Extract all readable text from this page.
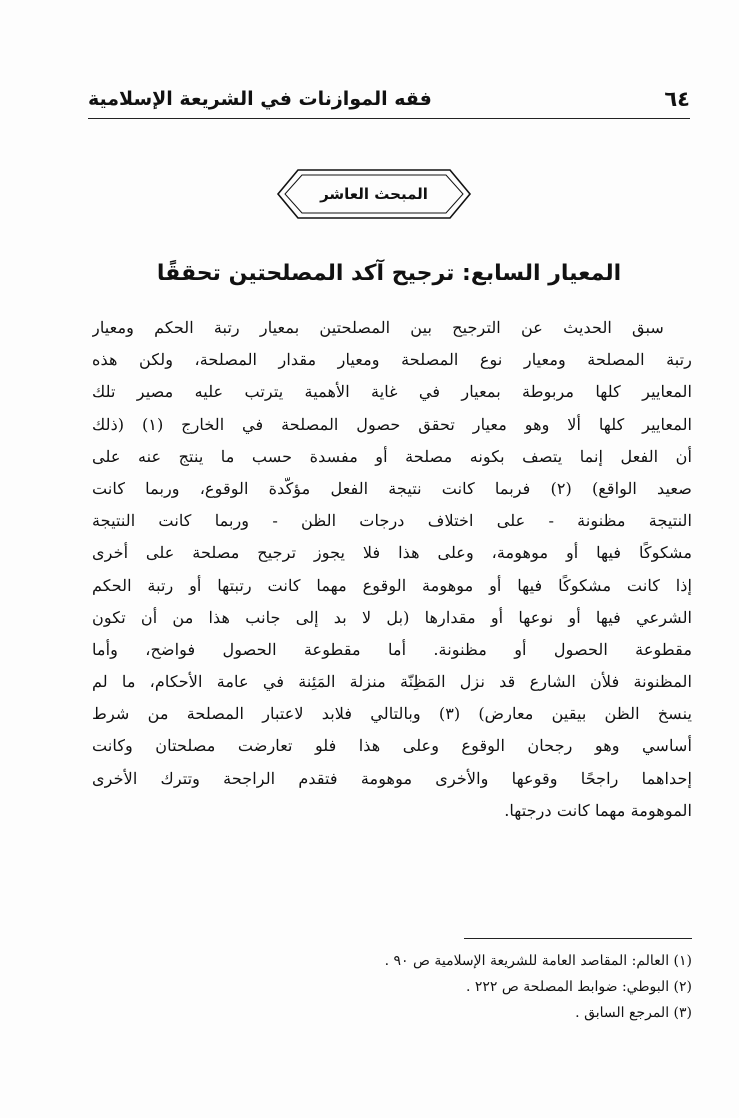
٦٤
فقه الموازنات في الشريعة الإسلامية
المبحث العاشر
المعيار السابع: ترجيح آكد المصلحتين تحققًا
سبق الحديث عن الترجيح بين المصلحتين بمعيار رتبة الحكم ومعيار
رتبة المصلحة ومعيار نوع المصلحة ومعيار مقدار المصلحة، ولكن هذه
المعايير كلها مربوطة بمعيار في غاية الأهمية يترتب عليه مصير تلك
المعايير كلها ألا وهو معيار تحقق حصول المصلحة في الخارج (١) (ذلك
أن الفعل إنما يتصف بكونه مصلحة أو مفسدة حسب ما ينتج عنه على
صعيد الواقع) (٢) فربما كانت نتيجة الفعل مؤكّدة الوقوع، وربما كانت
النتيجة مظنونة - على اختلاف درجات الظن - وربما كانت النتيجة
مشكوكًا فيها أو موهومة، وعلى هذا فلا يجوز ترجيح مصلحة على أخرى
إذا كانت مشكوكًا فيها أو موهومة الوقوع مهما كانت رتبتها أو رتبة الحكم
الشرعي فيها أو نوعها أو مقدارها (بل لا بد إلى جانب هذا من أن تكون
مقطوعة الحصول أو مظنونة. أما مقطوعة الحصول فواضح، وأما
المظنونة فلأن الشارع قد نزل المَظِنّة منزلة المَئِنة في عامة الأحكام، ما لم
ينسخ الظن بيقين معارض) (٣) وبالتالي فلابد لاعتبار المصلحة من شرط
أساسي وهو رجحان الوقوع وعلى هذا فلو تعارضت مصلحتان وكانت
إحداهما راجحًا وقوعها والأخرى موهومة فتقدم الراجحة وتترك الأخرى
الموهومة مهما كانت درجتها.
(١) العالم: المقاصد العامة للشريعة الإسلامية ص ٩٠ .
(٢) البوطي: ضوابط المصلحة ص ٢٢٢ .
(٣) المرجع السابق .
